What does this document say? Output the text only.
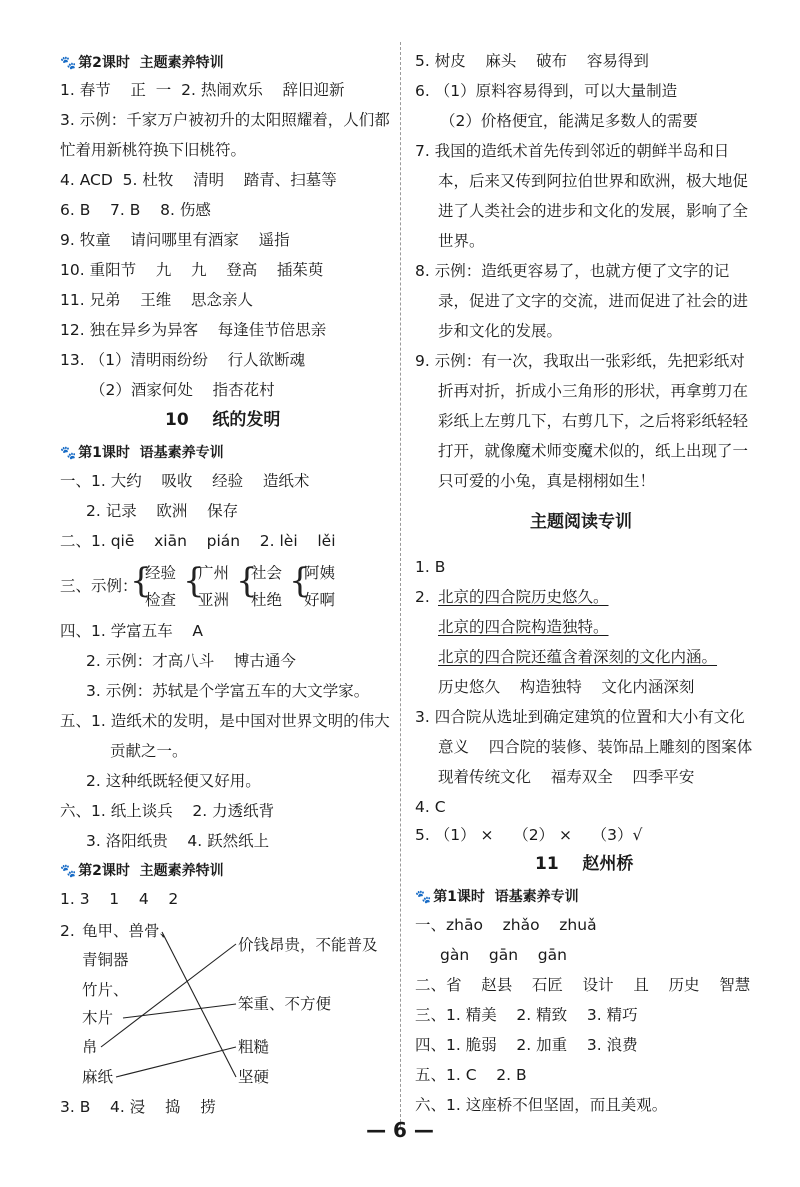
🐾 第2课时  主题素养特训
1. 春节    正  一  2. 热闹欢乐    辞旧迎新
3. 示例：千家万户被初升的太阳照耀着，人们都
忙着用新桃符换下旧桃符。
4. ACD  5. 杜牧    清明    踏青、扫墓等
6. B    7. B    8. 伤感
9. 牧童    请问哪里有酒家    遥指
10. 重阳节    九    九    登高    插茱萸
11. 兄弟    王维    思念亲人
12. 独在异乡为异客    每逢佳节倍思亲
13. （1）清明雨纷纷    行人欲断魂
（2）酒家何处    指杏花村
10    纸的发明
🐾 第1课时  语基素养专训
一、1. 大约    吸收    经验    造纸术
2. 记录    欧洲    保存
二、1. qiē    xiān    pián    2. lèi    lěi
三、示例：
{
经验
检查 {
广州
亚洲 {
社会
杜绝 {
阿姨
好啊
四、1. 学富五车    A
2. 示例：才高八斗    博古通今
3. 示例：苏轼是个学富五车的大文学家。
五、1. 造纸术的发明，是中国对世界文明的伟大
贡献之一。
2. 这种纸既轻便又好用。
六、1. 纸上谈兵    2. 力透纸背
3. 洛阳纸贵    4. 跃然纸上
🐾 第2课时  主题素养特训
1. 3    1    4    2
2. 龟甲、兽骨、
青铜器
竹片、
木片
帛
麻纸
价钱昂贵，不能普及
笨重、不方便
粗糙
坚硬
3. B    4. 浸    捣    捞
5. 树皮    麻头    破布    容易得到
6. （1）原料容易得到，可以大量制造
（2）价格便宜，能满足多数人的需要
7. 我国的造纸术首先传到邻近的朝鲜半岛和日
本，后来又传到阿拉伯世界和欧洲，极大地促
进了人类社会的进步和文化的发展，影响了全
世界。
8. 示例：造纸更容易了，也就方便了文字的记
录，促进了文字的交流，进而促进了社会的进
步和文化的发展。
9. 示例：有一次，我取出一张彩纸，先把彩纸对
折再对折，折成小三角形的形状，再拿剪刀在
彩纸上左剪几下，右剪几下，之后将彩纸轻轻
打开，就像魔术师变魔术似的，纸上出现了一
只可爱的小兔，真是栩栩如生！
主题阅读专训
1. B
2. 北京的四合院历史悠久。
北京的四合院构造独特。
北京的四合院还蕴含着深刻的文化内涵。
历史悠久    构造独特    文化内涵深刻
3. 四合院从选址到确定建筑的位置和大小有文化
意义    四合院的装修、装饰品上雕刻的图案体
现着传统文化    福寿双全    四季平安
4. C
5. （1） ×    （2） ×    （3）√
11    赵州桥
🐾 第1课时  语基素养专训
一、zhāo    zhǎo    zhuǎ
gàn    gān    gān
二、省    赵县    石匠    设计    且    历史    智慧
三、1. 精美    2. 精致    3. 精巧
四、1. 脆弱    2. 加重    3. 浪费
五、1. C    2. B
六、1. 这座桥不但坚固，而且美观。
— 6 —
